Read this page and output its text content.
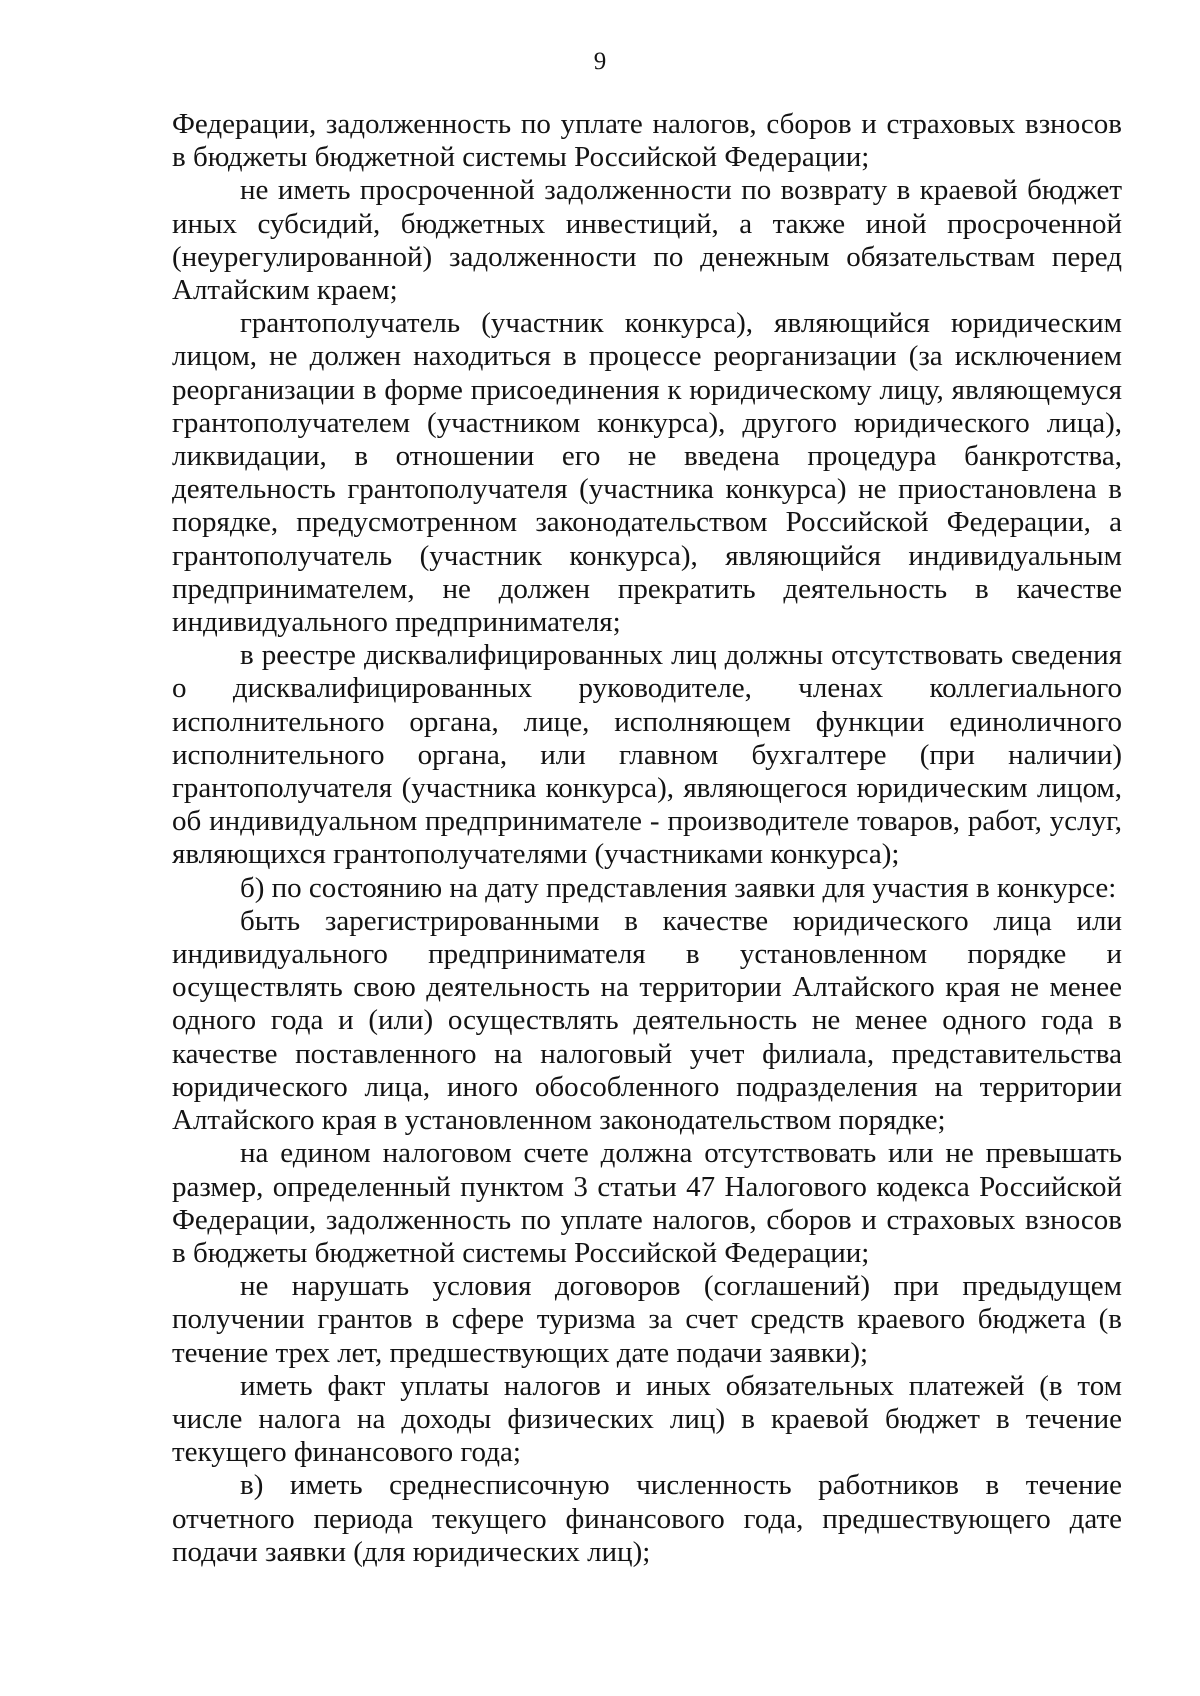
9

Федерации, задолженность по уплате налогов, сборов и страховых взносов в бюджеты бюджетной системы Российской Федерации;

не иметь просроченной задолженности по возврату в краевой бюджет иных субсидий, бюджетных инвестиций, а также иной просроченной (неурегулированной) задолженности по денежным обязательствам перед Алтайским краем;

грантополучатель (участник конкурса), являющийся юридическим лицом, не должен находиться в процессе реорганизации (за исключением реорганизации в форме присоединения к юридическому лицу, являющемуся грантополучателем (участником конкурса), другого юридического лица), ликвидации, в отношении его не введена процедура банкротства, деятельность грантополучателя (участника конкурса) не приостановлена в порядке, предусмотренном законодательством Российской Федерации, а грантополучатель (участник конкурса), являющийся индивидуальным предпринимателем, не должен прекратить деятельность в качестве индивидуального предпринимателя;

в реестре дисквалифицированных лиц должны отсутствовать сведения о дисквалифицированных руководителе, членах коллегиального исполнительного органа, лице, исполняющем функции единоличного исполнительного органа, или главном бухгалтере (при наличии) грантополучателя (участника конкурса), являющегося юридическим лицом, об индивидуальном предпринимателе - производителе товаров, работ, услуг, являющихся грантополучателями (участниками конкурса);

б) по состоянию на дату представления заявки для участия в конкурсе:

быть зарегистрированными в качестве юридического лица или индивидуального предпринимателя в установленном порядке и осуществлять свою деятельность на территории Алтайского края не менее одного года и (или) осуществлять деятельность не менее одного года в качестве поставленного на налоговый учет филиала, представительства юридического лица, иного обособленного подразделения на территории Алтайского края в установленном законодательством порядке;

на едином налоговом счете должна отсутствовать или не превышать размер, определенный пунктом 3 статьи 47 Налогового кодекса Российской Федерации, задолженность по уплате налогов, сборов и страховых взносов в бюджеты бюджетной системы Российской Федерации;

не нарушать условия договоров (соглашений) при предыдущем получении грантов в сфере туризма за счет средств краевого бюджета (в течение трех лет, предшествующих дате подачи заявки);

иметь факт уплаты налогов и иных обязательных платежей (в том числе налога на доходы физических лиц) в краевой бюджет в течение текущего финансового года;

в) иметь среднесписочную численность работников в течение отчетного периода текущего финансового года, предшествующего дате подачи заявки (для юридических лиц);
